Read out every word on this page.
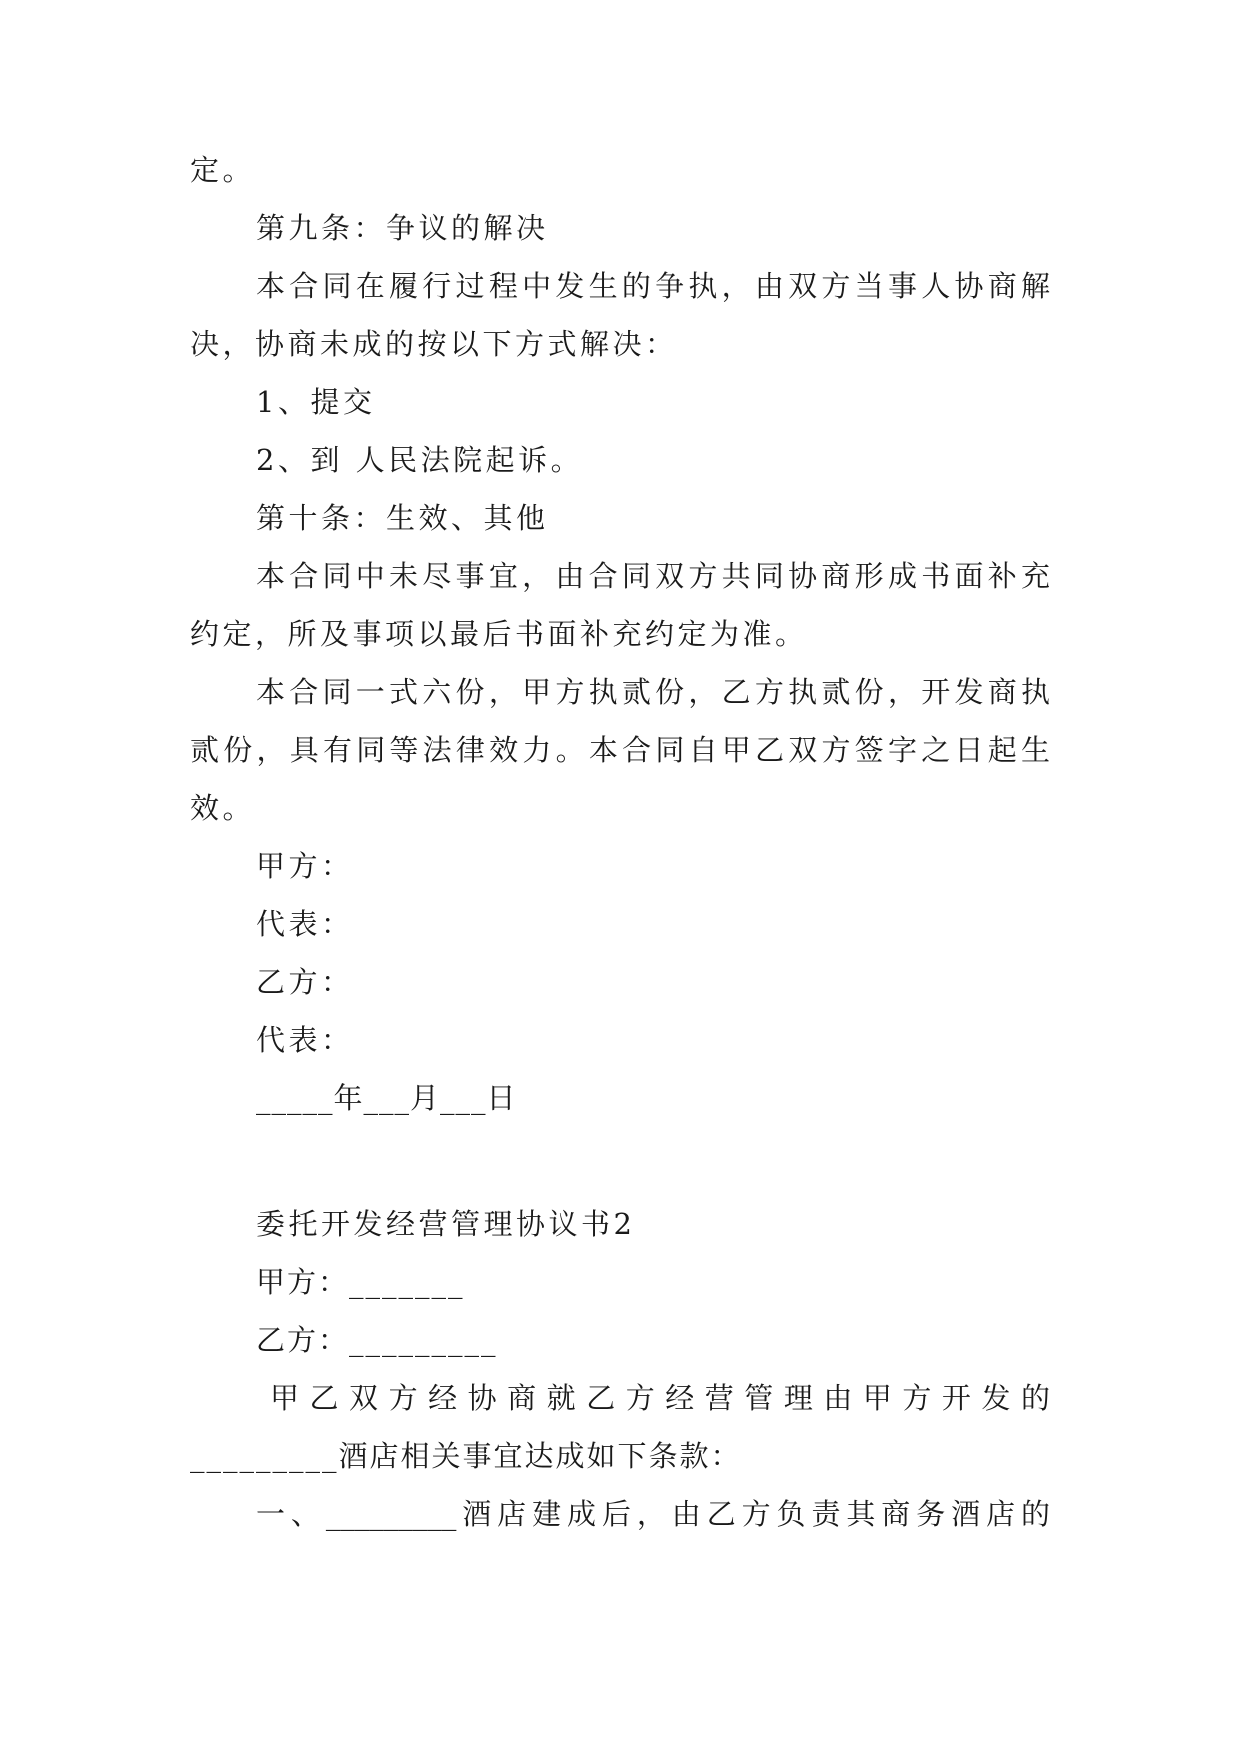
定。
第九条：争议的解决
本合同在履行过程中发生的争执，由双方当事人协商解
决，协商未成的按以下方式解决：
1、提交
2、到 人民法院起诉。
第十条：生效、其他
本合同中未尽事宜，由合同双方共同协商形成书面补充
约定，所及事项以最后书面补充约定为准。
本合同一式六份，甲方执贰份，乙方执贰份，开发商执
贰份，具有同等法律效力。本合同自甲乙双方签字之日起生
效。
甲方：
代表：
乙方：
代表：
_____年___月___日
委托开发经营管理协议书2
甲方：_______
乙方：_________
甲乙双方经协商就乙方经营管理由甲方开发的
_________酒店相关事宜达成如下条款：
一、_________酒店建成后，由乙方负责其商务酒店的
